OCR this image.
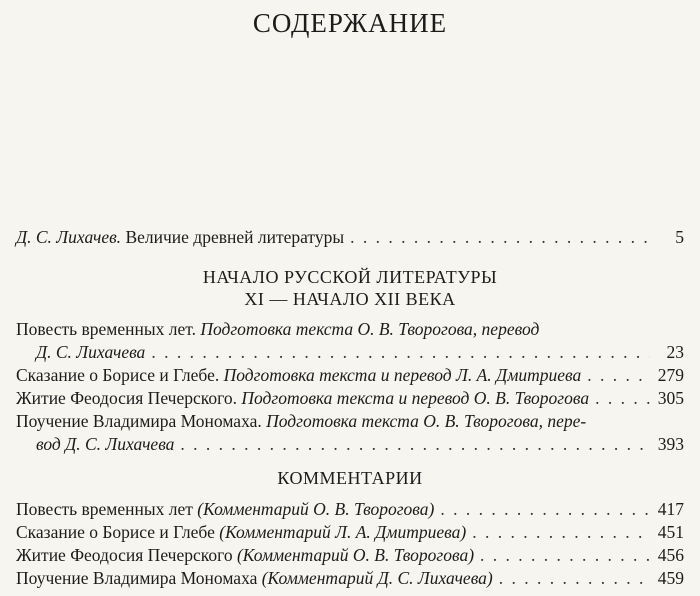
СОДЕРЖАНИЕ
Д. С. Лихачев. Величие древней литературы . . .	5
НАЧАЛО РУССКОЙ ЛИТЕРАТУРЫ
XI — НАЧАЛО XII ВЕКА
Повесть временных лет. Подготовка текста О. В. Творогова, перевод
Д. С. Лихачева . . .	23
Сказание о Борисе и Глебе. Подготовка текста и перевод Л. А. Дмитриева . . .	279
Житие Феодосия Печерского. Подготовка текста и перевод О. В. Творогова . . .	305
Поучение Владимира Мономаха. Подготовка текста О. В. Творогова, пере-
вод Д. С. Лихачева . . .	393
КОММЕНТАРИИ
Повесть временных лет (Комментарий О. В. Творогова) . . .	417
Сказание о Борисе и Глебе (Комментарий Л. А. Дмитриева) . . .	451
Житие Феодосия Печерского (Комментарий О. В. Творогова) . . .	456
Поучение Владимира Мономаха (Комментарий Д. С. Лихачева) . . .	459
